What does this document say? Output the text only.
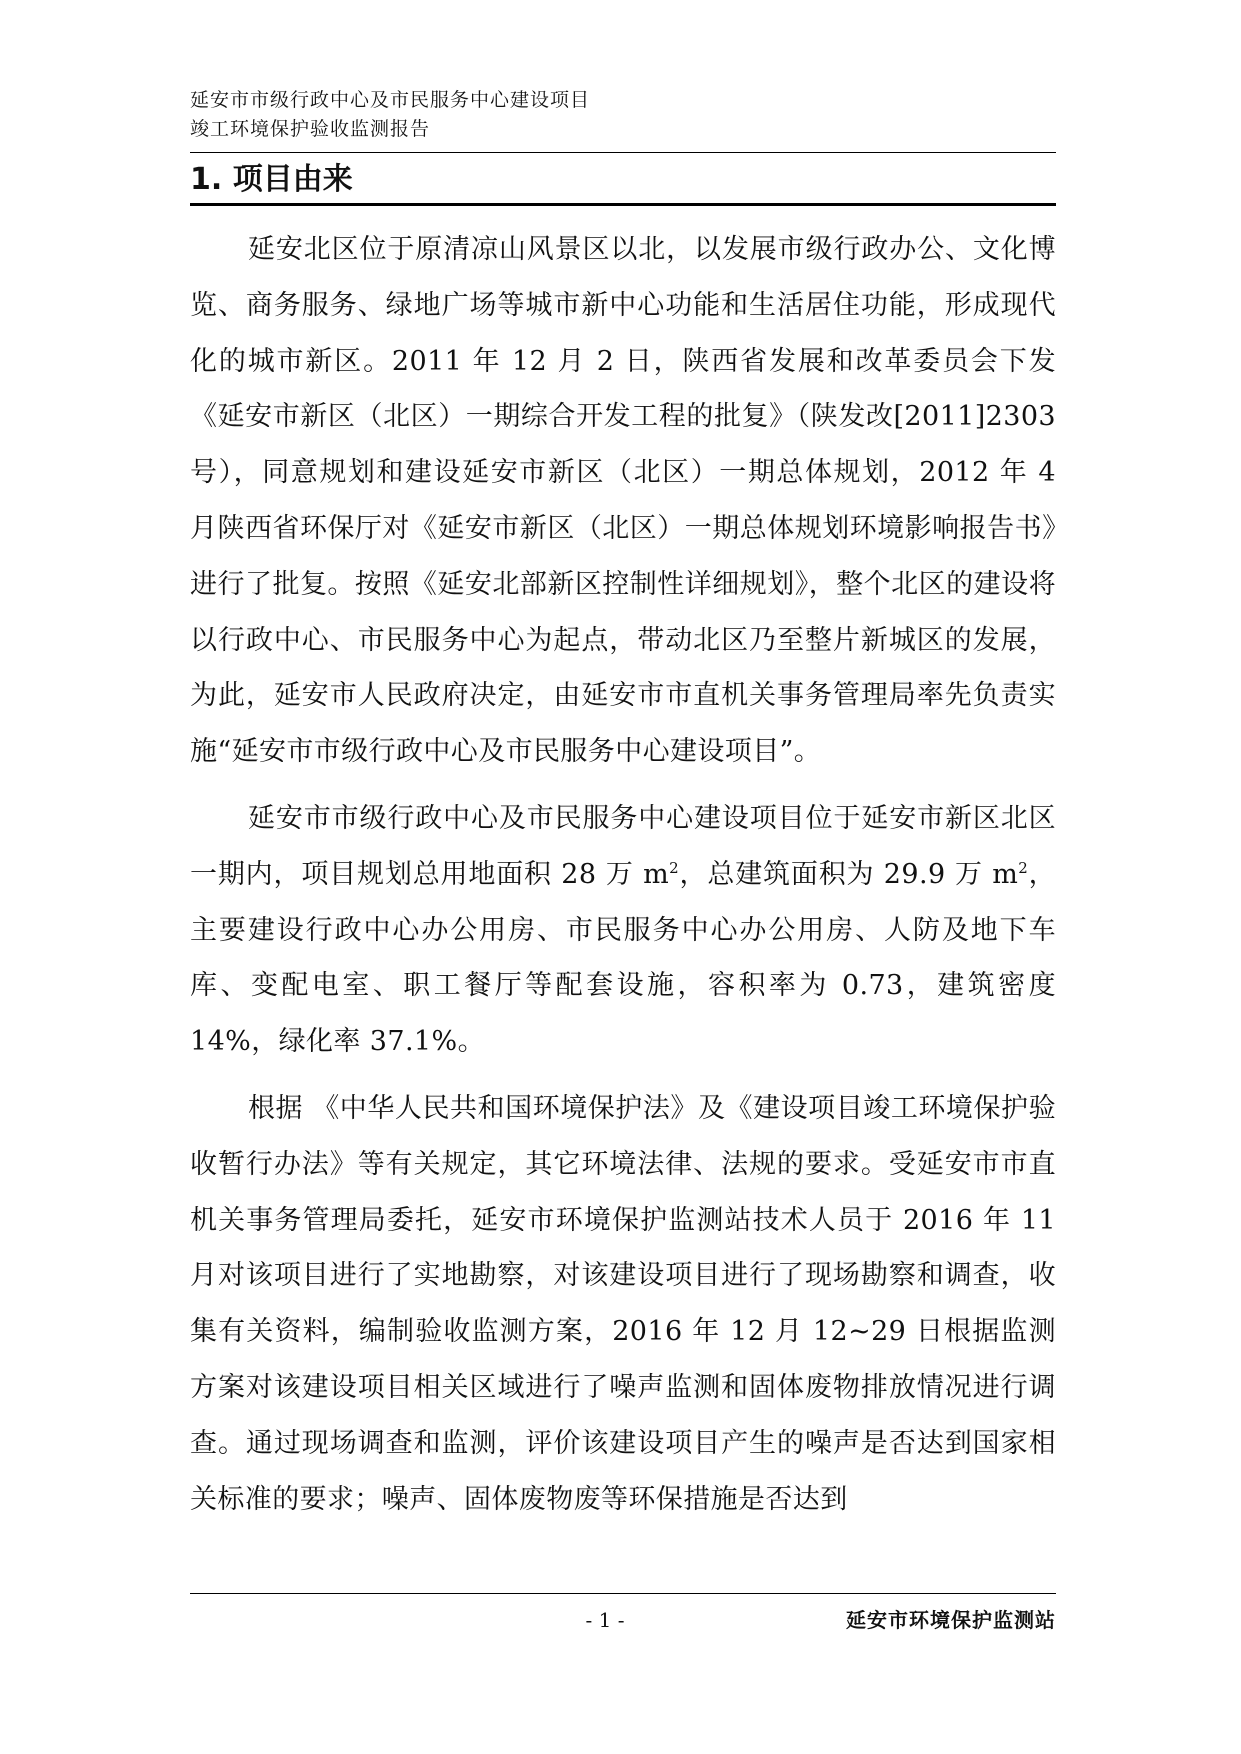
延安市市级行政中心及市民服务中心建设项目
竣工环境保护验收监测报告
1. 项目由来

延安北区位于原清凉山风景区以北，以发展市级行政办公、文化博览、商务服务、绿地广场等城市新中心功能和生活居住功能，形成现代化的城市新区。2011 年 12 月 2 日，陕西省发展和改革委员会下发《延安市新区（北区）一期综合开发工程的批复》（陕发改[2011]2303 号），同意规划和建设延安市新区（北区）一期总体规划，2012 年 4 月陕西省环保厅对《延安市新区（北区）一期总体规划环境影响报告书》进行了批复。按照《延安北部新区控制性详细规划》，整个北区的建设将以行政中心、市民服务中心为起点，带动北区乃至整片新城区的发展，为此，延安市人民政府决定，由延安市市直机关事务管理局率先负责实施“延安市市级行政中心及市民服务中心建设项目”。

延安市市级行政中心及市民服务中心建设项目位于延安市新区北区一期内，项目规划总用地面积 28 万 $m^2$，总建筑面积为 29.9 万 $m^2$，主要建设行政中心办公用房、市民服务中心办公用房、人防及地下车库、变配电室、职工餐厅等配套设施，容积率为 0.73，建筑密度 14%，绿化率 37.1%。

根据 《中华人民共和国环境保护法》及《建设项目竣工环境保护验收暂行办法》等有关规定，其它环境法律、法规的要求。受延安市市直机关事务管理局委托，延安市环境保护监测站技术人员于 2016 年 11 月对该项目进行了实地勘察，对该建设项目进行了现场勘察和调查，收集有关资料，编制验收监测方案，2016 年 12 月 12~29 日根据监测方案对该建设项目相关区域进行了噪声监测和固体废物排放情况进行调查。通过现场调查和监测，评价该建设项目产生的噪声是否达到国家相关标准的要求；噪声、固体废物废等环保措施是否达到

- 1 -	延安市环境保护监测站
